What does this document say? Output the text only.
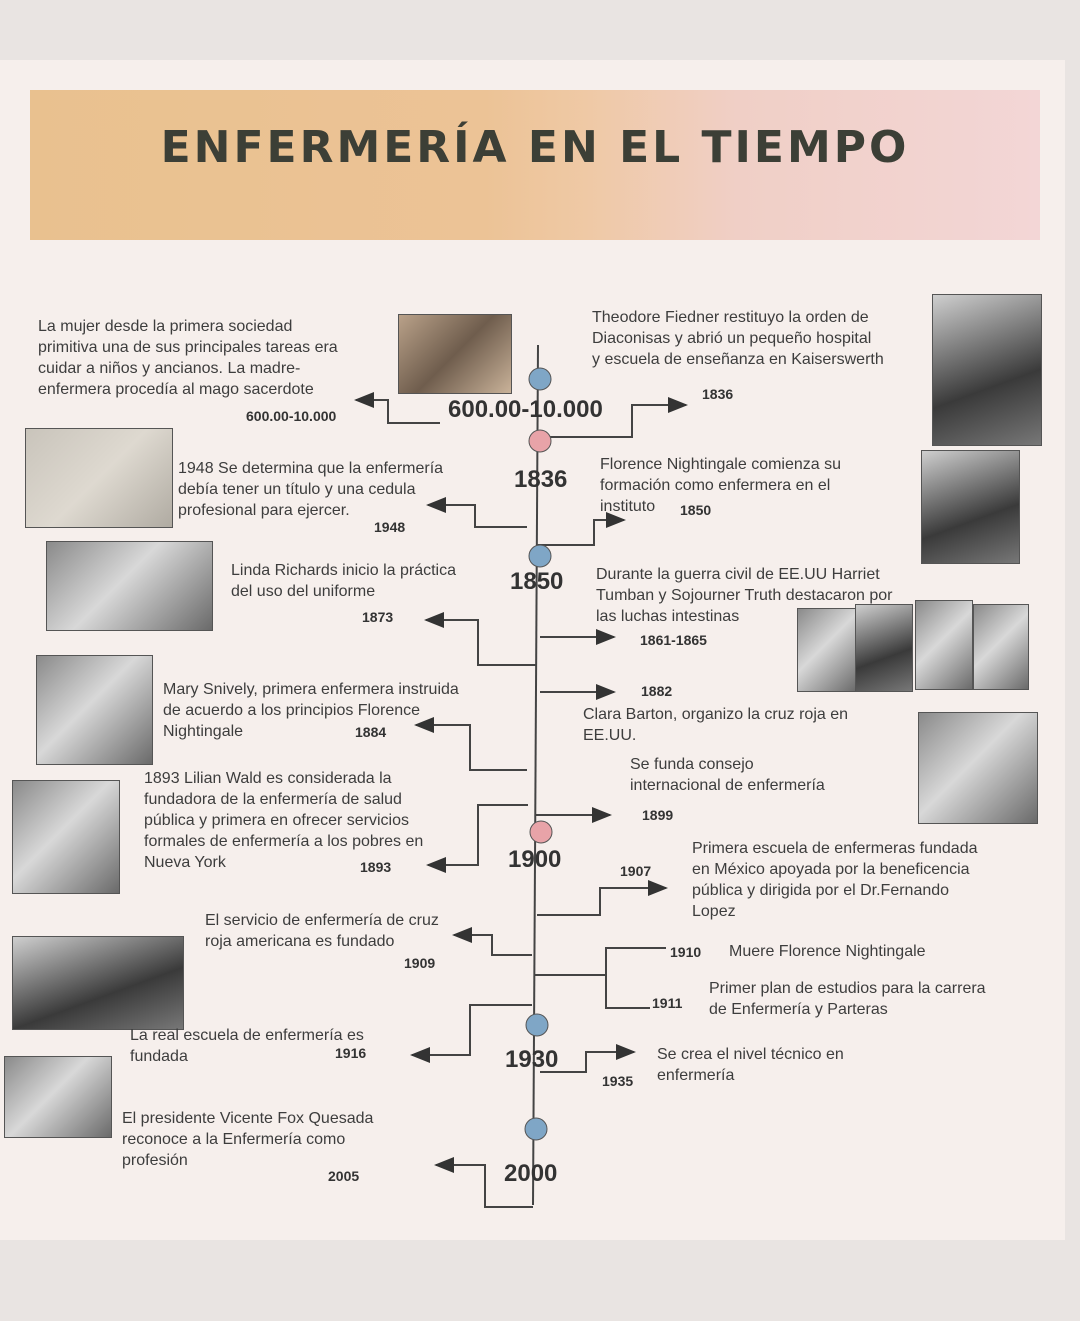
ENFERMERÍA EN EL TIEMPO
600.00-10.000
1836
1850
1900
1930
2000
La mujer desde la primera sociedad
primitiva una de sus principales tareas era
cuidar a niños y ancianos. La madre-
enfermera procedía al mago sacerdote
600.00-10.000
1948 Se determina que la enfermería
debía tener un título y una cedula
profesional para ejercer.
1948
Linda Richards inicio la práctica
del uso del uniforme
1873
Mary Snively, primera enfermera instruida
de acuerdo a los principios Florence
Nightingale	1884
1893 Lilian Wald es considerada la
fundadora de la enfermería de salud
pública y primera en ofrecer servicios
formales de enfermería a los pobres en
Nueva York	1893
El servicio de enfermería de cruz
roja americana es fundado
1909
La real escuela de enfermería es
fundada	1916
El presidente Vicente Fox Quesada
reconoce a la Enfermería como
profesión
2005
Theodore Fiedner restituyo la orden de
Diaconisas y abrió un pequeño hospital
y escuela de enseñanza en Kaiserswerth
1836
Florence Nightingale comienza su
formación como enfermera en el
instituto	1850
Durante la guerra civil de EE.UU Harriet
Tumban y Sojourner Truth destacaron por
las luchas intestinas
1861-1865
1882
Clara Barton, organizo la cruz roja en
EE.UU.
Se funda consejo
internacional de enfermería
1899
1907
Primera escuela de enfermeras fundada
en México apoyada por la beneficencia
pública y dirigida por el Dr.Fernando
Lopez
1910 Muere Florence Nightingale
1911
Primer plan de estudios para la carrera
de Enfermería y Parteras
1935
Se crea el nivel técnico en
enfermería
